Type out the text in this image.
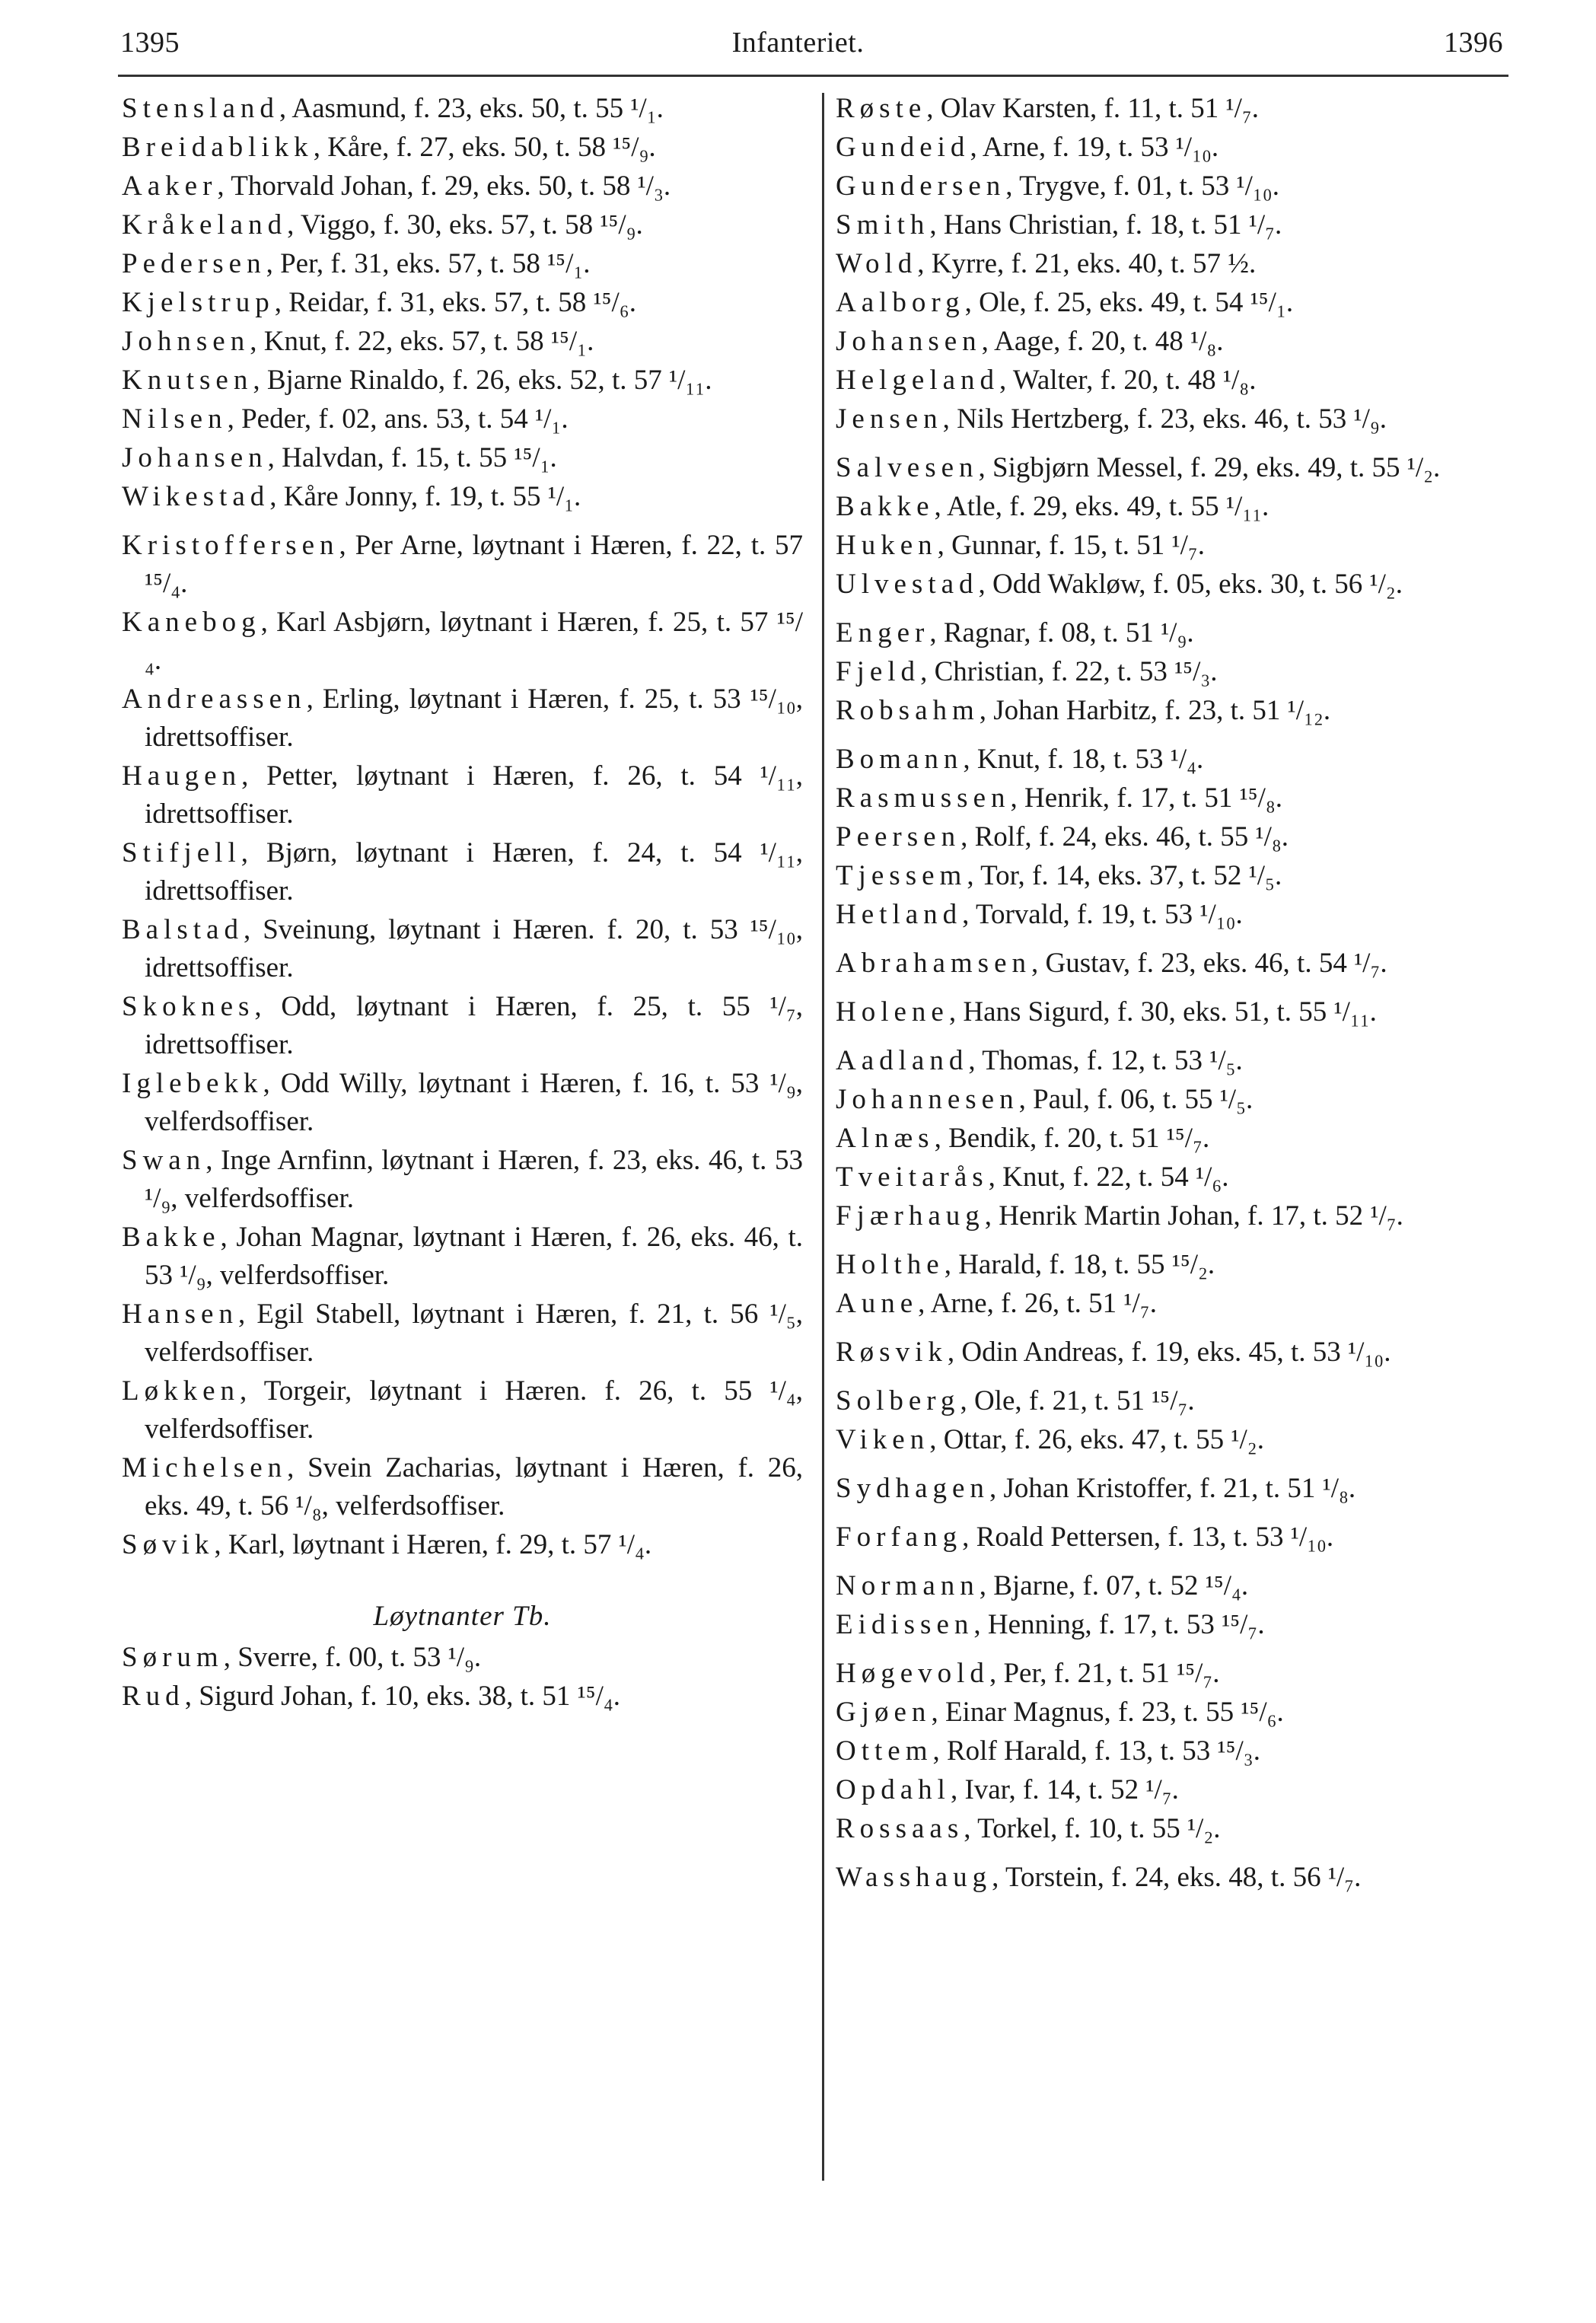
1395	Infanteriet.	1396
Stensland, Aasmund, f. 23, eks. 50, t. 55 ¹/₁.
Breidablikk, Kåre, f. 27, eks. 50, t. 58 ¹⁵/₉.
Aaker, Thorvald Johan, f. 29, eks. 50, t. 58 ¹/₃.
Kråkeland, Viggo, f. 30, eks. 57, t. 58 ¹⁵/₉.
Pedersen, Per, f. 31, eks. 57, t. 58 ¹⁵/₁.
Kjelstrup, Reidar, f. 31, eks. 57, t. 58 ¹⁵/₆.
Johnsen, Knut, f. 22, eks. 57, t. 58 ¹⁵/₁.
Knutsen, Bjarne Rinaldo, f. 26, eks. 52, t. 57 ¹/₁₁.
Nilsen, Peder, f. 02, ans. 53, t. 54 ¹/₁.
Johansen, Halvdan, f. 15, t. 55 ¹⁵/₁.
Wikestad, Kåre Jonny, f. 19, t. 55 ¹/₁.
Kristoffersen, Per Arne, løytnant i Hæren, f. 22, t. 57 ¹⁵/₄.
Kanebog, Karl Asbjørn, løytnant i Hæren, f. 25, t. 57 ¹⁵/₄.
Andreassen, Erling, løytnant i Hæren, f. 25, t. 53 ¹⁵/₁₀, idrettsoffiser.
Haugen, Petter, løytnant i Hæren, f. 26, t. 54 ¹/₁₁, idrettsoffiser.
Stifjell, Bjørn, løytnant i Hæren, f. 24, t. 54 ¹/₁₁, idrettsoffiser.
Balstad, Sveinung, løytnant i Hæren. f. 20, t. 53 ¹⁵/₁₀, idrettsoffiser.
Skoknes, Odd, løytnant i Hæren, f. 25, t. 55 ¹/₇, idrettsoffiser.
Iglebekk, Odd Willy, løytnant i Hæren, f. 16, t. 53 ¹/₉, velferdsoffiser.
Swan, Inge Arnfinn, løytnant i Hæren, f. 23, eks. 46, t. 53 ¹/₉, velferdsoffiser.
Bakke, Johan Magnar, løytnant i Hæren, f. 26, eks. 46, t. 53 ¹/₉, velferdsoffiser.
Hansen, Egil Stabell, løytnant i Hæren, f. 21, t. 56 ¹/₅, velferdsoffiser.
Løkken, Torgeir, løytnant i Hæren. f. 26, t. 55 ¹/₄, velferdsoffiser.
Michelsen, Svein Zacharias, løytnant i Hæren, f. 26, eks. 49, t. 56 ¹/₈, velferdsoffiser.
Søvik, Karl, løytnant i Hæren, f. 29, t. 57 ¹/₄.
Løytnanter Tb.
Sørum, Sverre, f. 00, t. 53 ¹/₉.
Rud, Sigurd Johan, f. 10, eks. 38, t. 51 ¹⁵/₄.
Røste, Olav Karsten, f. 11, t. 51 ¹/₇.
Gundeid, Arne, f. 19, t. 53 ¹/₁₀.
Gundersen, Trygve, f. 01, t. 53 ¹/₁₀.
Smith, Hans Christian, f. 18, t. 51 ¹/₇.
Wold, Kyrre, f. 21, eks. 40, t. 57 ½.
Aalborg, Ole, f. 25, eks. 49, t. 54 ¹⁵/₁.
Johansen, Aage, f. 20, t. 48 ¹/₈.
Helgeland, Walter, f. 20, t. 48 ¹/₈.
Jensen, Nils Hertzberg, f. 23, eks. 46, t. 53 ¹/₉.
Salvesen, Sigbjørn Messel, f. 29, eks. 49, t. 55 ¹/₂.
Bakke, Atle, f. 29, eks. 49, t. 55 ¹/₁₁.
Huken, Gunnar, f. 15, t. 51 ¹/₇.
Ulvestad, Odd Wakløw, f. 05, eks. 30, t. 56 ¹/₂.
Enger, Ragnar, f. 08, t. 51 ¹/₉.
Fjeld, Christian, f. 22, t. 53 ¹⁵/₃.
Robsahm, Johan Harbitz, f. 23, t. 51 ¹/₁₂.
Bomann, Knut, f. 18, t. 53 ¹/₄.
Rasmussen, Henrik, f. 17, t. 51 ¹⁵/₈.
Peersen, Rolf, f. 24, eks. 46, t. 55 ¹/₈.
Tjessem, Tor, f. 14, eks. 37, t. 52 ¹/₅.
Hetland, Torvald, f. 19, t. 53 ¹/₁₀.
Abrahamsen, Gustav, f. 23, eks. 46, t. 54 ¹/₇.
Holene, Hans Sigurd, f. 30, eks. 51, t. 55 ¹/₁₁.
Aadland, Thomas, f. 12, t. 53 ¹/₅.
Johannesen, Paul, f. 06, t. 55 ¹/₅.
Alnæs, Bendik, f. 20, t. 51 ¹⁵/₇.
Tveitarås, Knut, f. 22, t. 54 ¹/₆.
Fjærhaug, Henrik Martin Johan, f. 17, t. 52 ¹/₇.
Holthe, Harald, f. 18, t. 55 ¹⁵/₂.
Aune, Arne, f. 26, t. 51 ¹/₇.
Røsvik, Odin Andreas, f. 19, eks. 45, t. 53 ¹/₁₀.
Solberg, Ole, f. 21, t. 51 ¹⁵/₇.
Viken, Ottar, f. 26, eks. 47, t. 55 ¹/₂.
Sydhagen, Johan Kristoffer, f. 21, t. 51 ¹/₈.
Forfang, Roald Pettersen, f. 13, t. 53 ¹/₁₀.
Normann, Bjarne, f. 07, t. 52 ¹⁵/₄.
Eidissen, Henning, f. 17, t. 53 ¹⁵/₇.
Høgevold, Per, f. 21, t. 51 ¹⁵/₇.
Gjøen, Einar Magnus, f. 23, t. 55 ¹⁵/₆.
Ottem, Rolf Harald, f. 13, t. 53 ¹⁵/₃.
Opdahl, Ivar, f. 14, t. 52 ¹/₇.
Rossaas, Torkel, f. 10, t. 55 ¹/₂.
Wasshaug, Torstein, f. 24, eks. 48, t. 56 ¹/₇.
